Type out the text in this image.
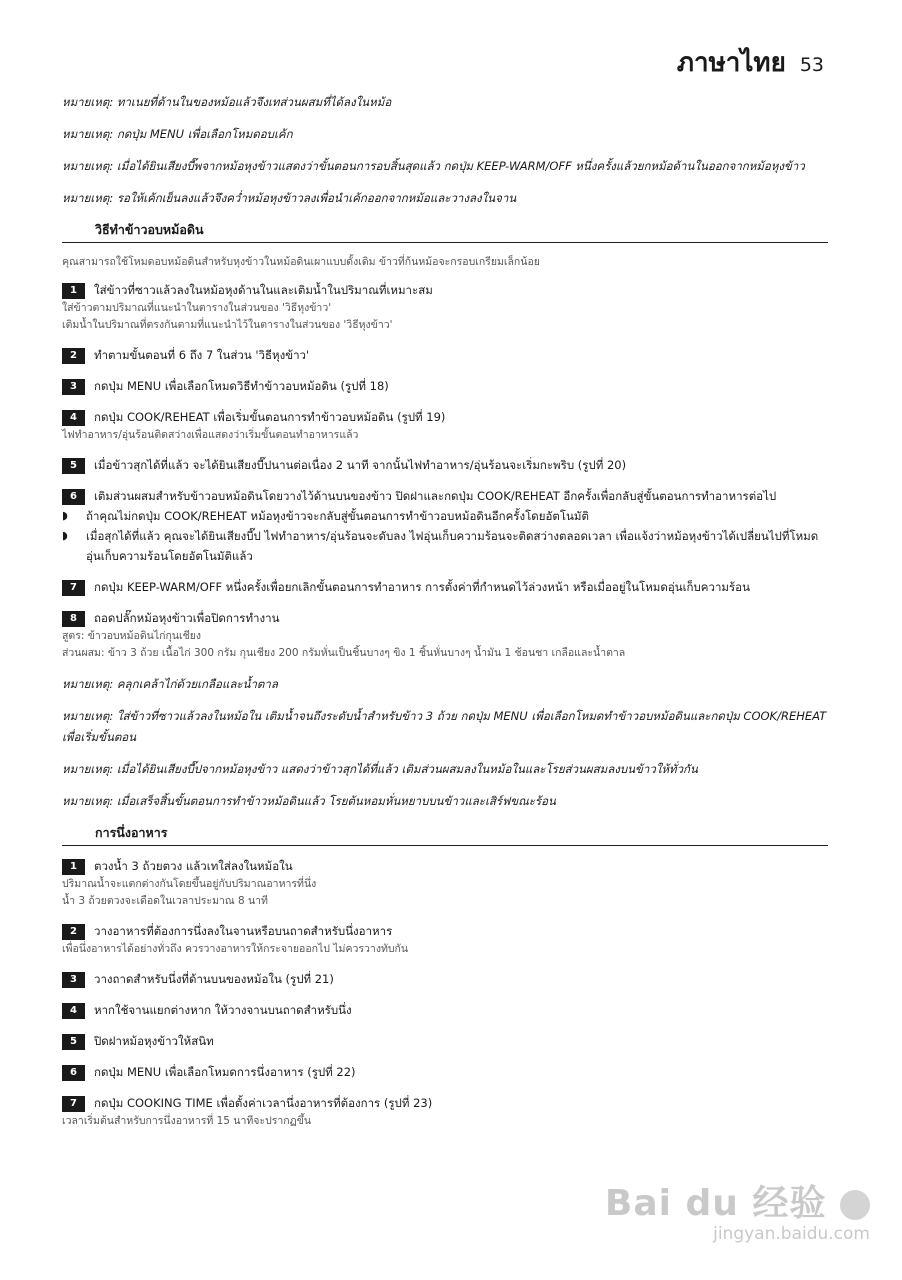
ภาษาไทย 53

หมายเหตุ: ทาเนยที่ด้านในของหม้อแล้วจึงเทส่วนผสมที่ได้ลงในหม้อ

หมายเหตุ: กดปุ่ม MENU เพื่อเลือกโหมดอบเค้ก

หมายเหตุ: เมื่อได้ยินเสียงบี๊พจากหม้อหุงข้าวแสดงว่าขั้นตอนการอบสิ้นสุดแล้ว กดปุ่ม KEEP-WARM/OFF หนึ่งครั้งแล้วยกหม้อด้านในออกจากหม้อหุงข้าว

หมายเหตุ: รอให้เค้กเย็นลงแล้วจึงคว่ำหม้อหุงข้าวลงเพื่อนำเค้กออกจากหม้อและวางลงในจาน

วิธีทำข้าวอบหม้อดิน

คุณสามารถใช้โหมดอบหม้อดินสำหรับหุงข้าวในหม้อดินเผาแบบดั้งเดิม ข้าวที่ก้นหม้อจะกรอบเกรียมเล็กน้อย

1	ใส่ข้าวที่ซาวแล้วลงในหม้อหุงด้านในและเติมน้ำในปริมาณที่เหมาะสม
ใส่ข้าวตามปริมาณที่แนะนำในตารางในส่วนของ 'วิธีหุงข้าว'
เติมน้ำในปริมาณที่ตรงกันตามที่แนะนำไว้ในตารางในส่วนของ 'วิธีหุงข้าว'
2	ทำตามขั้นตอนที่ 6 ถึง 7 ในส่วน 'วิธีหุงข้าว'
3	กดปุ่ม MENU เพื่อเลือกโหมดวิธีทำข้าวอบหม้อดิน (รูปที่ 18)
4	กดปุ่ม COOK/REHEAT เพื่อเริ่มขั้นตอนการทำข้าวอบหม้อดิน (รูปที่ 19)
ไฟทำอาหาร/อุ่นร้อนติดสว่างเพื่อแสดงว่าเริ่มขั้นตอนทำอาหารแล้ว
5	เมื่อข้าวสุกได้ที่แล้ว จะได้ยินเสียงบี๊ปนานต่อเนื่อง 2 นาที จากนั้นไฟทำอาหาร/อุ่นร้อนจะเริ่มกะพริบ (รูปที่ 20)
6	เติมส่วนผสมสำหรับข้าวอบหม้อดินโดยวางไว้ด้านบนของข้าว ปิดฝาและกดปุ่ม COOK/REHEAT อีกครั้งเพื่อกลับสู่ขั้นตอนการทำอาหารต่อไป
◗	ถ้าคุณไม่กดปุ่ม COOK/REHEAT หม้อหุงข้าวจะกลับสู่ขั้นตอนการทำข้าวอบหม้อดินอีกครั้งโดยอัตโนมัติ
◗	เมื่อสุกได้ที่แล้ว คุณจะได้ยินเสียงบี๊ป ไฟทำอาหาร/อุ่นร้อนจะดับลง ไฟอุ่นเก็บความร้อนจะติดสว่างตลอดเวลา เพื่อแจ้งว่าหม้อหุงข้าวได้เปลี่ยนไปที่โหมดอุ่นเก็บความร้อนโดยอัตโนมัติแล้ว
7	กดปุ่ม KEEP-WARM/OFF หนึ่งครั้งเพื่อยกเลิกขั้นตอนการทำอาหาร การตั้งค่าที่กำหนดไว้ล่วงหน้า หรือเมื่ออยู่ในโหมดอุ่นเก็บความร้อน
8	ถอดปลั๊กหม้อหุงข้าวเพื่อปิดการทำงาน
สูตร: ข้าวอบหม้อดินไก่กุนเชียง
ส่วนผสม: ข้าว 3 ถ้วย เนื้อไก่ 300 กรัม กุนเชียง 200 กรัมหั่นเป็นชิ้นบางๆ ขิง 1 ชิ้นหั่นบางๆ น้ำมัน 1 ช้อนชา เกลือและน้ำตาล

หมายเหตุ: คลุกเคล้าไก่ด้วยเกลือและน้ำตาล

หมายเหตุ: ใส่ข้าวที่ซาวแล้วลงในหม้อใน เติมน้ำจนถึงระดับน้ำสำหรับข้าว 3 ถ้วย กดปุ่ม MENU เพื่อเลือกโหมดทำข้าวอบหม้อดินและกดปุ่ม COOK/REHEAT เพื่อเริ่มขั้นตอน

หมายเหตุ: เมื่อได้ยินเสียงบี๊ปจากหม้อหุงข้าว แสดงว่าข้าวสุกได้ที่แล้ว เติมส่วนผสมลงในหม้อในและโรยส่วนผสมลงบนข้าวให้ทั่วกัน

หมายเหตุ: เมื่อเสร็จสิ้นขั้นตอนการทำข้าวหม้อดินแล้ว โรยต้นหอมหั่นหยาบบนข้าวและเสิร์ฟขณะร้อน

การนึ่งอาหาร
1	ตวงน้ำ 3 ถ้วยตวง แล้วเทใส่ลงในหม้อใน
ปริมาณน้ำจะแตกต่างกันโดยขึ้นอยู่กับปริมาณอาหารที่นึ่ง
น้ำ 3 ถ้วยตวงจะเดือดในเวลาประมาณ 8 นาที
2	วางอาหารที่ต้องการนึ่งลงในจานหรือบนถาดสำหรับนึ่งอาหาร
เพื่อนึ่งอาหารได้อย่างทั่วถึง ควรวางอาหารให้กระจายออกไป ไม่ควรวางทับกัน
3	วางถาดสำหรับนึ่งที่ด้านบนของหม้อใน (รูปที่ 21)
4	หากใช้จานแยกต่างหาก ให้วางจานบนถาดสำหรับนึ่ง
5	ปิดฝาหม้อหุงข้าวให้สนิท
6	กดปุ่ม MENU เพื่อเลือกโหมดการนึ่งอาหาร (รูปที่ 22)
7	กดปุ่ม COOKING TIME เพื่อตั้งค่าเวลานึ่งอาหารที่ต้องการ (รูปที่ 23)
เวลาเริ่มต้นสำหรับการนึ่งอาหารที่ 15 นาทีจะปรากฏขึ้น
Bai du 经验
jingyan.baidu.com
